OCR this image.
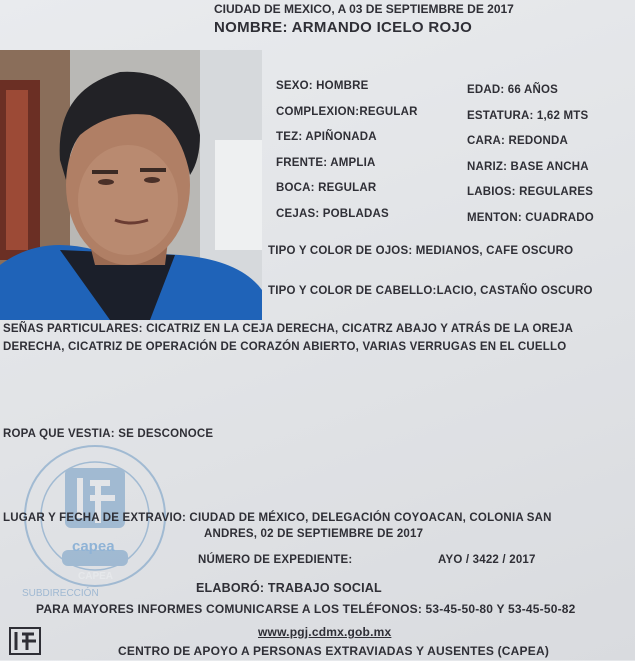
CIUDAD DE MEXICO, A 03 DE SEPTIEMBRE DE 2017
NOMBRE: ARMANDO ICELO ROJO
SEXO: HOMBRE	EDAD: 66 AÑOS
COMPLEXION:REGULAR	ESTATURA: 1,62 MTS
TEZ: APIÑONADA	CARA: REDONDA
FRENTE: AMPLIA	NARIZ: BASE ANCHA
BOCA: REGULAR	LABIOS: REGULARES
CEJAS: POBLADAS	MENTON: CUADRADO
TIPO Y COLOR DE OJOS: MEDIANOS, CAFE OSCURO
TIPO Y COLOR DE CABELLO:LACIO, CASTAÑO OSCURO
SEÑAS PARTICULARES: CICATRIZ EN LA CEJA DERECHA, CICATRZ ABAJO Y ATRÁS DE LA OREJA
DERECHA, CICATRIZ DE OPERACIÓN DE CORAZÓN ABIERTO, VARIAS VERRUGAS EN EL CUELLO
ROPA QUE VESTIA: SE DESCONOCE
capea
CAPEA
SUBDIRECCIÓN
LUGAR Y FECHA DE EXTRAVIO: CIUDAD DE MÉXICO, DELEGACIÓN COYOACAN, COLONIA SAN
ANDRES, 02 DE SEPTIEMBRE DE 2017
NÚMERO DE EXPEDIENTE:	AYO / 3422 / 2017
ELABORÓ: TRABAJO SOCIAL
PARA MAYORES INFORMES COMUNICARSE A LOS TELÉFONOS: 53-45-50-80 Y 53-45-50-82
www.pgj.cdmx.gob.mx
CENTRO DE APOYO A PERSONAS EXTRAVIADAS Y AUSENTES (CAPEA)
